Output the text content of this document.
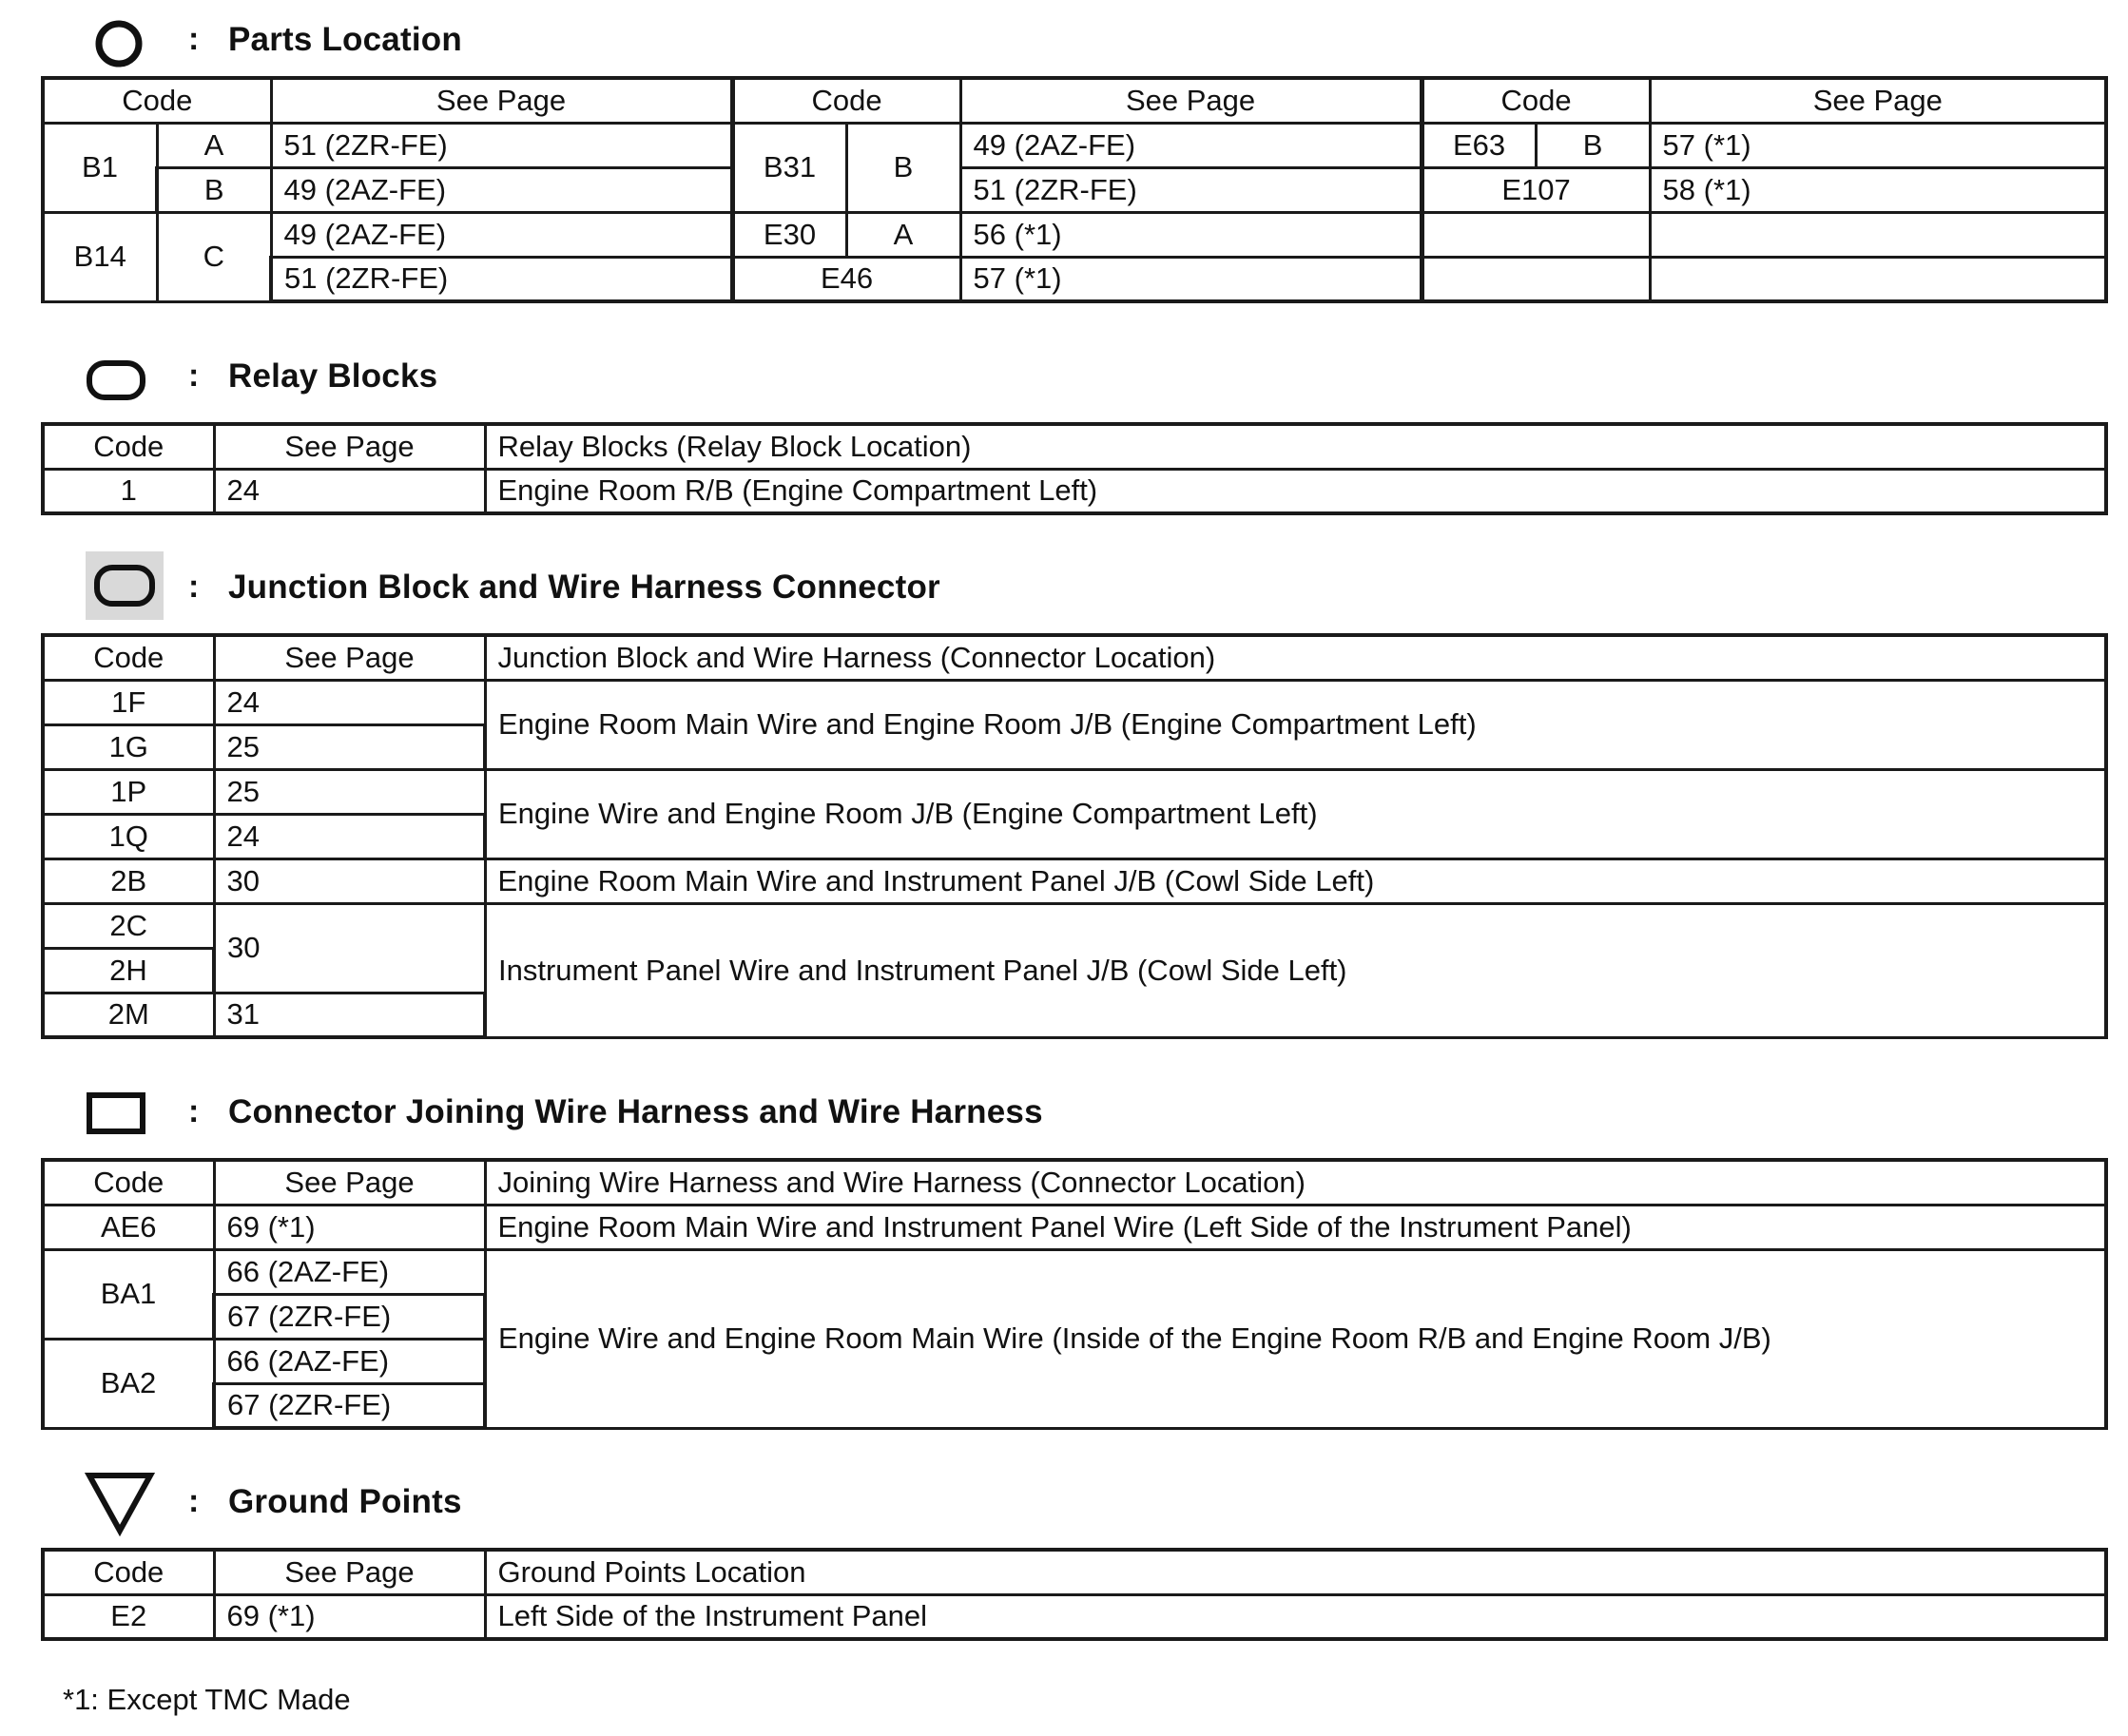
: Parts Location
Code		See Page	Code		See Page	Code		See Page
B1	A	51 (2ZR-FE)	B31	B	49 (2AZ-FE)	E63	B	57 (*1)
	B	49 (2AZ-FE)			51 (2ZR-FE)	E107		58 (*1)
B14	C	49 (2AZ-FE)	E30	A	56 (*1)			
		51 (2ZR-FE)	E46		57 (*1)			
: Relay Blocks
Code	See Page	Relay Blocks (Relay Block Location)
1	24	Engine Room R/B (Engine Compartment Left)
: Junction Block and Wire Harness Connector
Code	See Page	Junction Block and Wire Harness (Connector Location)
1F	24	Engine Room Main Wire and Engine Room J/B (Engine Compartment Left)
1G	25	
1P	25	Engine Wire and Engine Room J/B (Engine Compartment Left)
1Q	24	
2B	30	Engine Room Main Wire and Instrument Panel J/B (Cowl Side Left)
2C	30	Instrument Panel Wire and Instrument Panel J/B (Cowl Side Left)
2H		
2M	31	
: Connector Joining Wire Harness and Wire Harness
Code	See Page	Joining Wire Harness and Wire Harness (Connector Location)
AE6	69 (*1)	Engine Room Main Wire and Instrument Panel Wire (Left Side of the Instrument Panel)
BA1	66 (2AZ-FE)	Engine Wire and Engine Room Main Wire (Inside of the Engine Room R/B and Engine Room J/B)
	67 (2ZR-FE)	
BA2	66 (2AZ-FE)	
	67 (2ZR-FE)	
: Ground Points
Code	See Page	Ground Points Location
E2	69 (*1)	Left Side of the Instrument Panel
*1: Except TMC Made
